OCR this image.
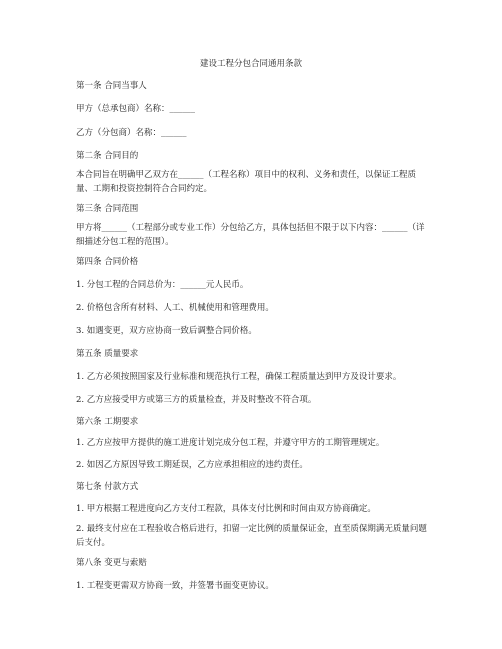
建设工程分包合同通用条款
第一条 合同当事人
甲方（总承包商）名称：______
乙方（分包商）名称：______
第二条 合同目的
本合同旨在明确甲乙双方在______（工程名称）项目中的权利、义务和责任，以保证工程质量、工期和投资控制符合合同约定。
第三条 合同范围
甲方将______（工程部分或专业工作）分包给乙方，具体包括但不限于以下内容：______（详细描述分包工程的范围）。
第四条 合同价格
1. 分包工程的合同总价为：______元人民币。
2. 价格包含所有材料、人工、机械使用和管理费用。
3. 如遇变更，双方应协商一致后调整合同价格。
第五条 质量要求
1. 乙方必须按照国家及行业标准和规范执行工程，确保工程质量达到甲方及设计要求。
2. 乙方应接受甲方或第三方的质量检查，并及时整改不符合项。
第六条 工期要求
1. 乙方应按甲方提供的施工进度计划完成分包工程，并遵守甲方的工期管理规定。
2. 如因乙方原因导致工期延误，乙方应承担相应的违约责任。
第七条 付款方式
1. 甲方根据工程进度向乙方支付工程款，具体支付比例和时间由双方协商确定。
2. 最终支付应在工程验收合格后进行，扣留一定比例的质量保证金，直至质保期满无质量问题后支付。
第八条 变更与索赔
1. 工程变更需双方协商一致，并签署书面变更协议。
